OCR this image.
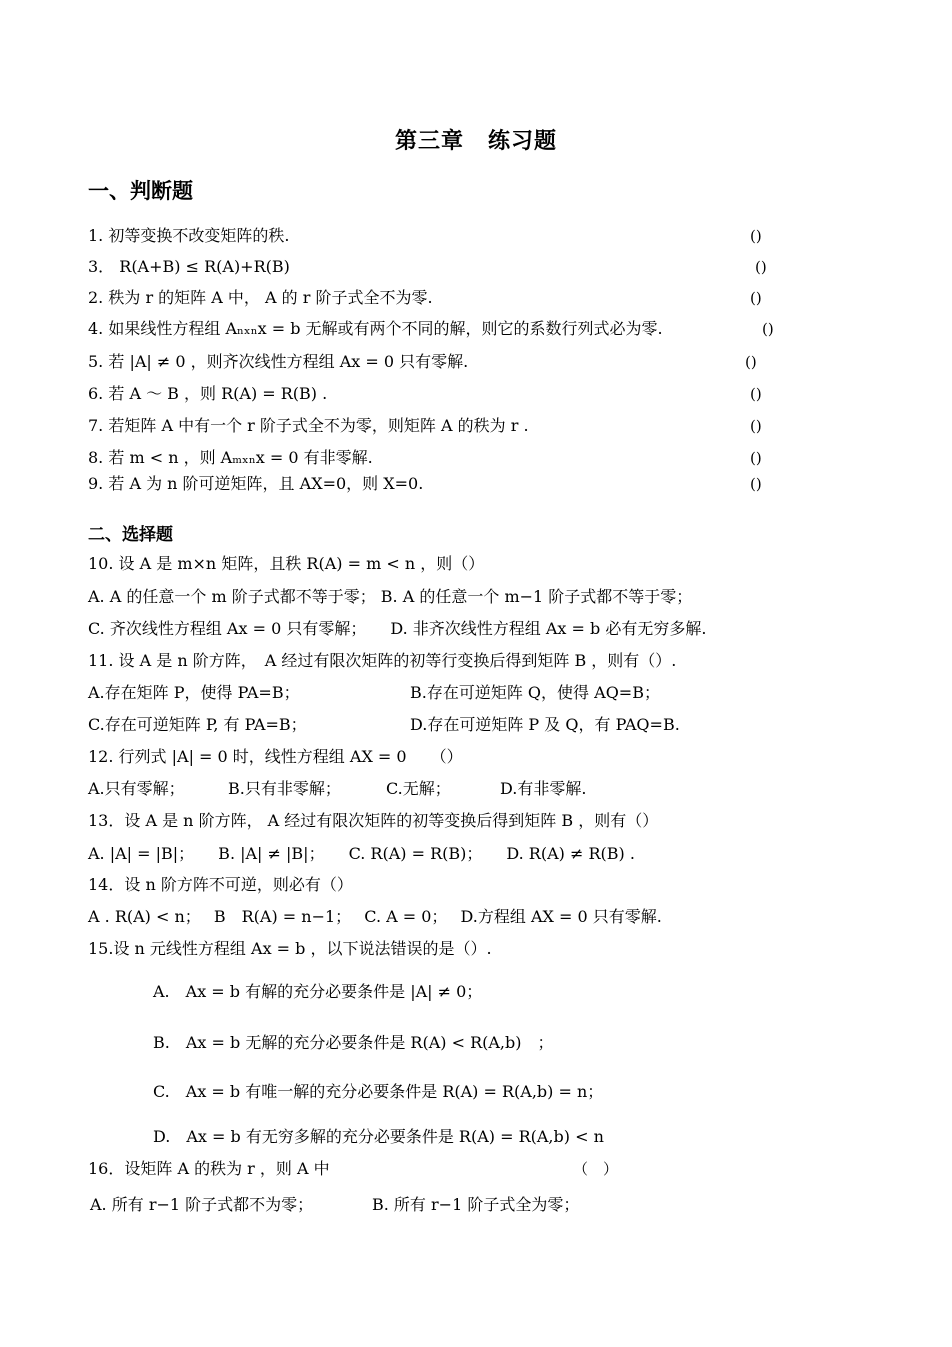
第三章 练习题
一、判断题
1. 初等变换不改变矩阵的秩.	()
3． R(A+B) ≤ R(A)+R(B)	()
2. 秩为 r 的矩阵 A 中， A 的 r 阶子式全不为零.	()
4. 如果线性方程组 Aₙₓₙx = b 无解或有两个不同的解，则它的系数行列式必为零.	()
5. 若 |A| ≠ 0 ，则齐次线性方程组 Ax = 0 只有零解.	()
6. 若 A ～ B ，则 R(A) = R(B) .	()
7. 若矩阵 A 中有一个 r 阶子式全不为零，则矩阵 A 的秩为 r .	()
8. 若 m < n ，则 Aₘₓₙx = 0 有非零解.	()
9. 若 A 为 n 阶可逆矩阵，且 AX=0，则 X=0.	()
二、选择题
10. 设 A 是 m×n 矩阵，且秩 R(A) = m < n ，则（）
A. A 的任意一个 m 阶子式都不等于零； B. A 的任意一个 m−1 阶子式都不等于零；
C. 齐次线性方程组 Ax = 0 只有零解；　　D. 非齐次线性方程组 Ax = b 必有无穷多解.
11. 设 A 是 n 阶方阵，　A 经过有限次矩阵的初等行变换后得到矩阵 B ，则有（）.
A.存在矩阵 P，使得 PA=B；	B.存在可逆矩阵 Q，使得 AQ=B；
C.存在可逆矩阵 P, 有 PA=B；	D.存在可逆矩阵 P 及 Q，有 PAQ=B.
12. 行列式 |A| = 0 时，线性方程组 AX = 0　　（）
A.只有零解；	B.只有非零解；	C.无解；	D.有非零解.
13．设 A 是 n 阶方阵， A 经过有限次矩阵的初等变换后得到矩阵 B ，则有（）
A. |A| = |B|；　　B. |A| ≠ |B|；　　C. R(A) = R(B)；　　D. R(A) ≠ R(B) .
14．设 n 阶方阵不可逆，则必有（）
A . R(A) < n；　 B　R(A) = n−1；　 C. A = 0；　 D.方程组 AX = 0 只有零解.
15.设 n 元线性方程组 Ax = b ，以下说法错误的是（）.
A.　Ax = b 有解的充分必要条件是 |A| ≠ 0；
B.　Ax = b 无解的充分必要条件是 R(A) < R(A,b)　；
C.　Ax = b 有唯一解的充分必要条件是 R(A) = R(A,b) = n；
D.　Ax = b 有无穷多解的充分必要条件是 R(A) = R(A,b) < n
16．设矩阵 A 的秩为 r ，则 A 中	（　）
A. 所有 r−1 阶子式都不为零；	B. 所有 r−1 阶子式全为零；
